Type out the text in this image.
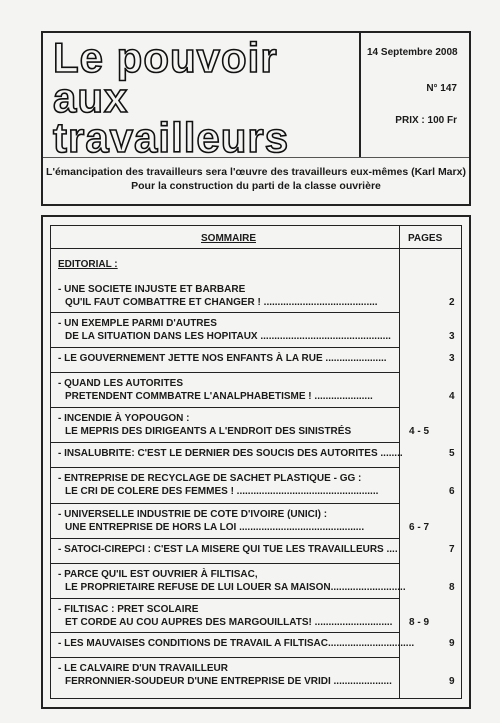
Le pouvoir
aux
travailleurs
14 Septembre 2008
N° 147
PRIX : 100 Fr
L'émancipation des travailleurs sera l'œuvre des travailleurs eux-mêmes (Karl Marx)
Pour la construction du parti de la classe ouvrière
SOMMAIRE	PAGES
EDITORIAL :
- UNE SOCIETE INJUSTE ET BARBARE
QU'IL FAUT COMBATTRE ET CHANGER ! .........................................	2
- UN EXEMPLE PARMI D'AUTRES
DE LA SITUATION DANS LES HOPITAUX ...............................................	3
- LE GOUVERNEMENT JETTE NOS ENFANTS À LA RUE ......................	3
- QUAND LES AUTORITES
PRETENDENT COMMBATRE L'ANALPHABETISME ! .....................	4
- INCENDIE À YOPOUGON :
LE MEPRIS DES DIRIGEANTS A L'ENDROIT DES SINISTRÉS	4 - 5
- INSALUBRITE: C'EST LE DERNIER DES SOUCIS DES AUTORITES ........	5
- ENTREPRISE DE RECYCLAGE DE SACHET PLASTIQUE - GG :
LE CRI DE COLERE DES FEMMES ! ...................................................	6
- UNIVERSELLE INDUSTRIE DE COTE D'IVOIRE (UNICI) :
UNE ENTREPRISE DE HORS LA LOI .............................................	6 - 7
- SATOCI-CIREPCI : C'EST LA MISERE QUI TUE LES TRAVAILLEURS ....	7
- PARCE QU'IL EST OUVRIER À FILTISAC,
LE PROPRIETAIRE REFUSE DE LUI LOUER SA MAISON...........................	8
- FILTISAC : PRET SCOLAIRE
ET CORDE AU COU AUPRES DES MARGOUILLATS! ............................ 8 - 9
- LES MAUVAISES CONDITIONS DE TRAVAIL A FILTISAC...............................	9
- LE CALVAIRE D'UN TRAVAILLEUR
FERRONNIER-SOUDEUR D'UNE ENTREPRISE DE VRIDI .....................	9
